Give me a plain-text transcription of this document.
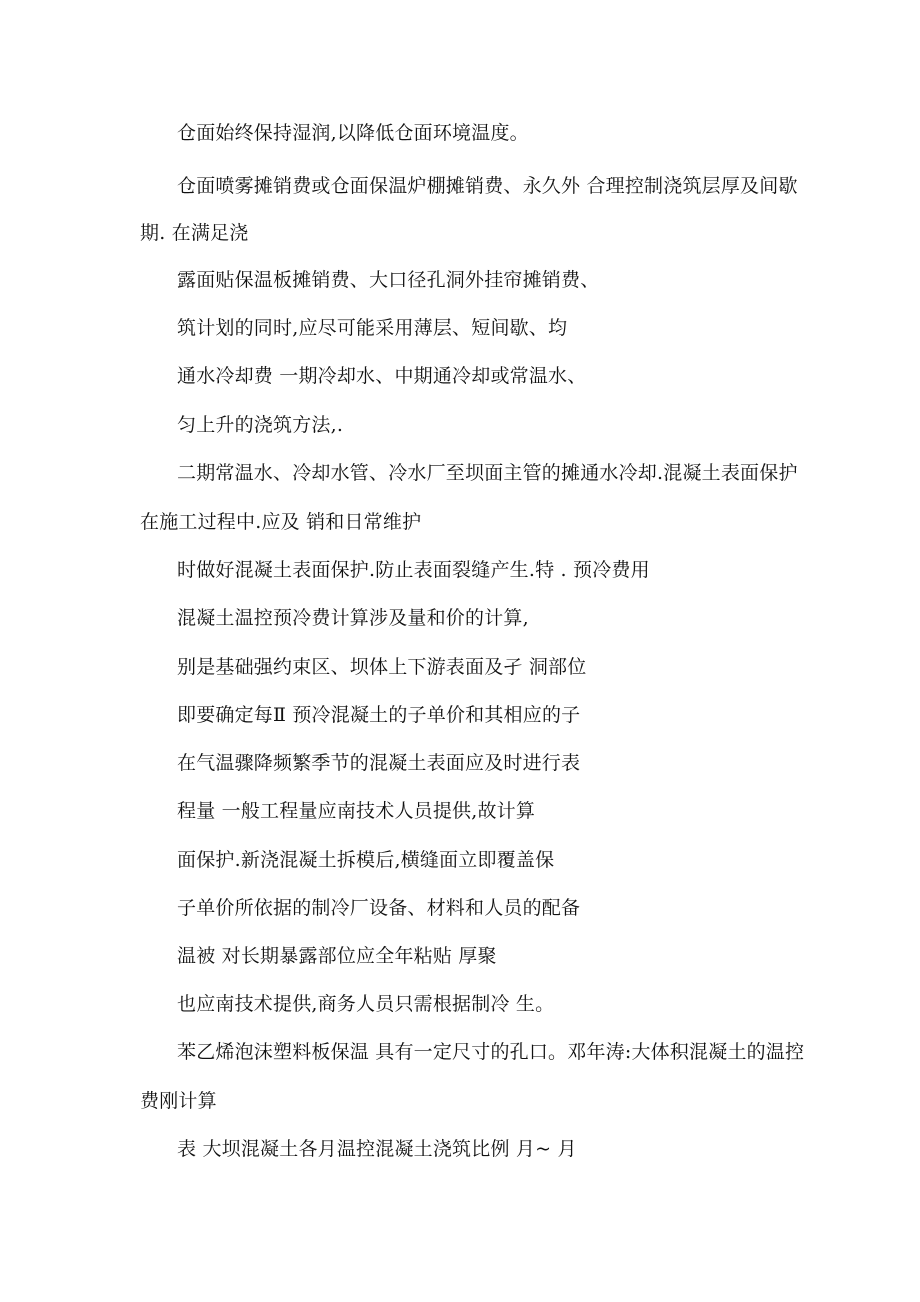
仓面始终保持湿润,以降低仓面环境温度。
仓面喷雾摊销费或仓面保温炉棚摊销费、永久外 合理控制浇筑层厚及间歇
期. 在满足浇
露面贴保温板摊销费、大口径孔洞外挂帘摊销费、
筑计划的同时,应尽可能采用薄层、短间歇、均
通水冷却费 一期冷却水、中期通冷却或常温水、
匀上升的浇筑方法,.
二期常温水、冷却水管、冷水厂至坝面主管的摊通水冷却.混凝土表面保护
在施工过程中.应及 销和日常维护
时做好混凝土表面保护.防止表面裂缝产生.特 . 预冷费用
混凝土温控预冷费计算涉及量和价的计算,
别是基础强约束区、坝体上下游表面及孑 洞部位
即要确定每Ⅱ 预冷混凝土的子单价和其相应的子
在气温骤降频繁季节的混凝土表面应及时进行表
程量 一般工程量应南技术人员提供,故计算
面保护.新浇混凝土拆模后,横缝面立即覆盖保
子单价所依据的制冷厂设备、材料和人员的配备
温被 对长期暴露部位应全年粘贴 厚聚
也应南技术提供,商务人员只需根据制冷 生。
苯乙烯泡沫塑料板保温 具有一定尺寸的孔口。邓年涛:大体积混凝土的温控
费刚计算
表 大坝混凝土各月温控混凝土浇筑比例 月~ 月
